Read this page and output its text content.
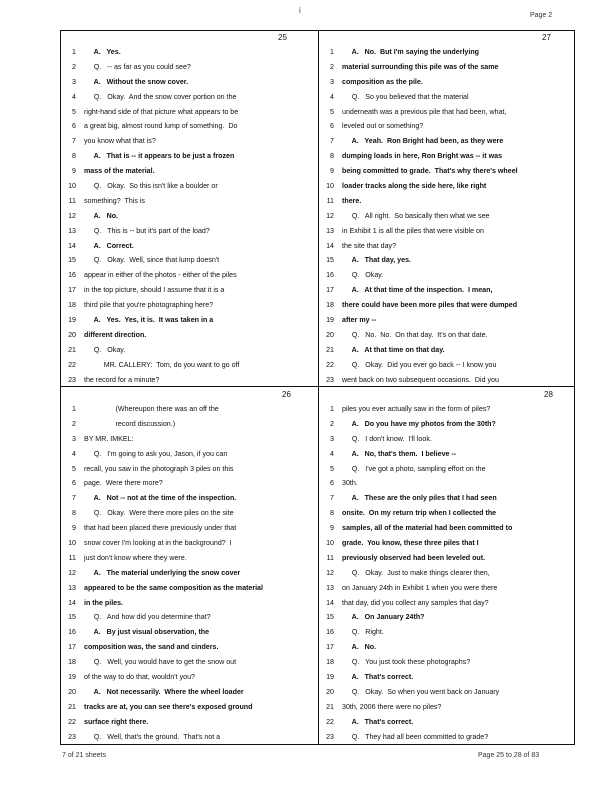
i
Page 2
25
1 A.   Yes.
2 Q.   -- as far as you could see?
3 A.   Without the snow cover.
4 Q.   Okay.  And the snow cover portion on the
5 right-hand side of that picture what appears to be
6 a great big, almost round lump of something.  Do
7 you know what that is?
8 A.   That is -- it appears to be just a frozen
9 mass of the material.
10 Q.   Okay.  So this isn't like a boulder or
11 something?  This is
12 A.   No.
13 Q.   This is -- but it's part of the load?
14 A.   Correct.
15 Q.   Okay.  Well, since that lump doesn't
16 appear in either of the photos - either of the piles
17 in the top picture, should I assume that it is a
18 third pile that you're photographing here?
19 A.   Yes.  Yes, it is.  It was taken in a
20 different direction.
21 Q.   Okay.
22 MR. CALLERY:  Tom, do you want to go off
23 the record for a minute?
27
1 A.   No.  But I'm saying the underlying
2 material surrounding this pile was of the same
3 composition as the pile.
4 Q.   So you believed that the material
5 underneath was a previous pile that had been, what,
6 leveled out or something?
7 A.   Yeah.  Ron Bright had been, as they were
8 dumping loads in here, Ron Bright was -- it was
9 being committed to grade.  That's why there's wheel
10 loader tracks along the side here, like right
11 there.
12 Q.   All right.  So basically then what we see
13 in Exhibit 1 is all the piles that were visible on
14 the site that day?
15 A.   That day, yes.
16 Q.   Okay.
17 A.   At that time of the inspection.  I mean,
18 there could have been more piles that were dumped
19 after my --
20 Q.   No.  No.  On that day.  It's on that date.
21 A.   At that time on that day.
22 Q.   Okay.  Did you ever go back -- I know you
23 went back on two subsequent occasions.  Did you
26
1 (Whereupon there was an off the
2 record discussion.)
3 BY MR. IMKEL:
4 Q.   I'm going to ask you, Jason, if you can
5 recall, you saw in the photograph 3 piles on this
6 page.  Were there more?
7 A.   Not -- not at the time of the inspection.
8 Q.   Okay.  Were there more piles on the site
9 that had been placed there previously under that
10 snow cover I'm looking at in the background?  I
11 just don't know where they were.
12 A.   The material underlying the snow cover
13 appeared to be the same composition as the material
14 in the piles.
15 Q.   And how did you determine that?
16 A.   By just visual observation, the
17 composition was, the sand and cinders.
18 Q.   Well, you would have to get the snow out
19 of the way to do that, wouldn't you?
20 A.   Not necessarily.  Where the wheel loader
21 tracks are at, you can see there's exposed ground
22 surface right there.
23 Q.   Well, that's the ground.  That's not a
28
1 piles you ever actually saw in the form of piles?
2 A.   Do you have my photos from the 30th?
3 Q.   I don't know.  I'll look.
4 A.   No, that's them.  I believe --
5 Q.   I've got a photo, sampling effort on the
6 30th.
7 A.   These are the only piles that I had seen
8 onsite.  On my return trip when I collected the
9 samples, all of the material had been committed to
10 grade.  You know, these three piles that I
11 previously observed had been leveled out.
12 Q.   Okay.  Just to make things clearer then,
13 on January 24th in Exhibit 1 when you were there
14 that day, did you collect any samples that day?
15 A.   On January 24th?
16 Q.   Right.
17 A.   No.
18 Q.   You just took these photographs?
19 A.   That's correct.
20 Q.   Okay.  So when you went back on January
21 30th, 2006 there were no piles?
22 A.   That's correct.
23 Q.   They had all been committed to grade?
7 of 21 sheets	Page 25 to 28 of 83
